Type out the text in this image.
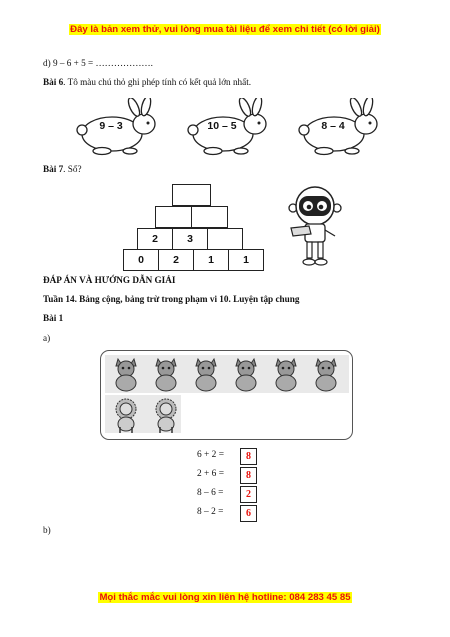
Đây là bản xem thử, vui lòng mua tài liệu để xem chi tiết (có lời giải)
d) 9 – 6 + 5 = ……………….
Bài 6. Tô màu chú thỏ ghi phép tính có kết quả lớn nhất.
9 – 3	10 – 5	8 – 4
Bài 7. Số?
2	3
0	2	1	1
ĐÁP ÁN VÀ HƯỚNG DẪN GIẢI
Tuần 14. Bảng cộng, bảng trừ trong phạm vi 10. Luyện tập chung
Bài 1
a)
6 + 2 =	8
2 + 6 =	8
8 – 6 =	2
8 – 2 =	6
b)
Mọi thắc mắc vui lòng xin liên hệ hotline: 084 283 45 85
